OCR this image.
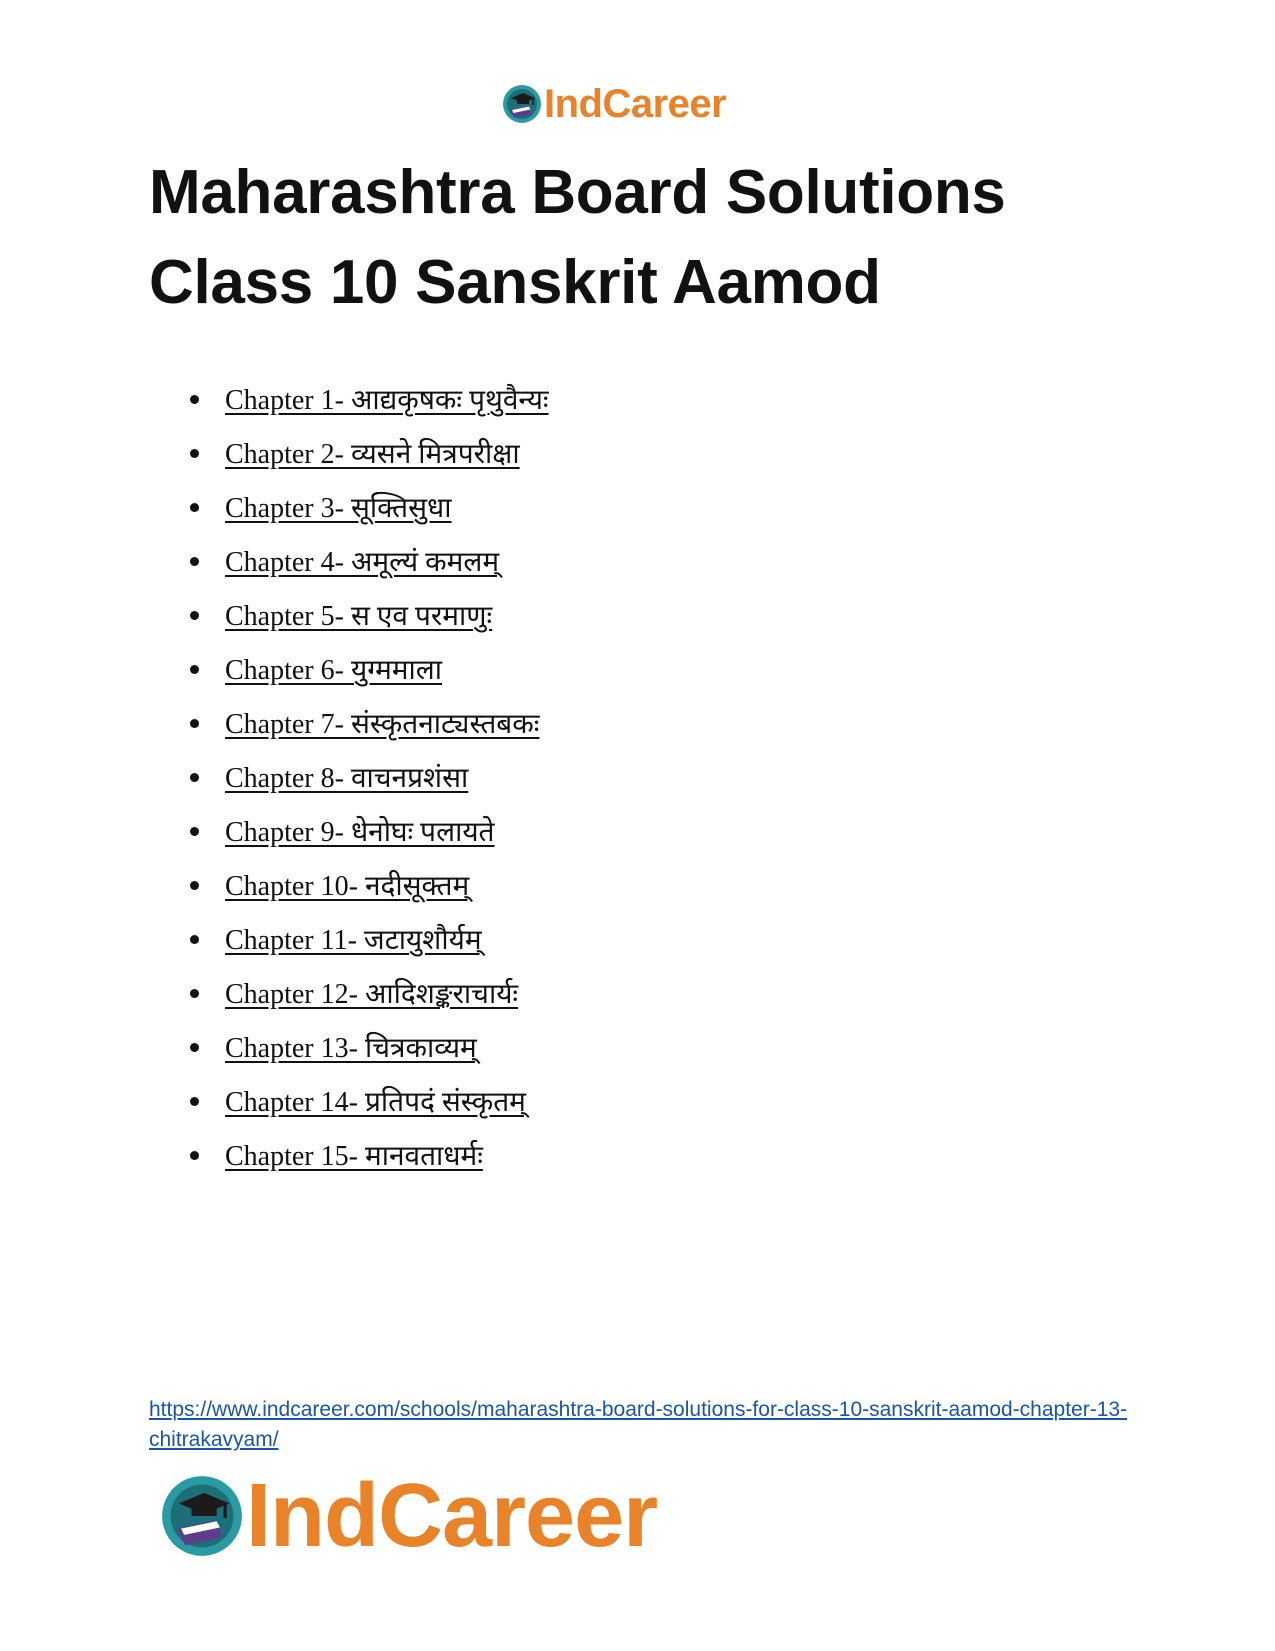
IndCareer
Maharashtra Board Solutions
Class 10 Sanskrit Aamod
Chapter 1- आद्यकृषकः पृथुवैन्यः
Chapter 2- व्यसने मित्रपरीक्षा
Chapter 3- सूक्तिसुधा
Chapter 4- अमूल्यं कमलम्
Chapter 5- स एव परमाणुः
Chapter 6- युग्ममाला
Chapter 7- संस्कृतनाट्यस्तबकः
Chapter 8- वाचनप्रशंसा
Chapter 9- धेनोघः पलायते
Chapter 10- नदीसूक्तम्
Chapter 11- जटायुशौर्यम्
Chapter 12- आदिशङ्कराचार्यः
Chapter 13- चित्रकाव्यम्
Chapter 14- प्रतिपदं संस्कृतम्
Chapter 15- मानवताधर्मः
https://www.indcareer.com/schools/maharashtra-board-solutions-for-class-10-sanskrit-aamod-chapter-13-chitrakavyam/
IndCareer
